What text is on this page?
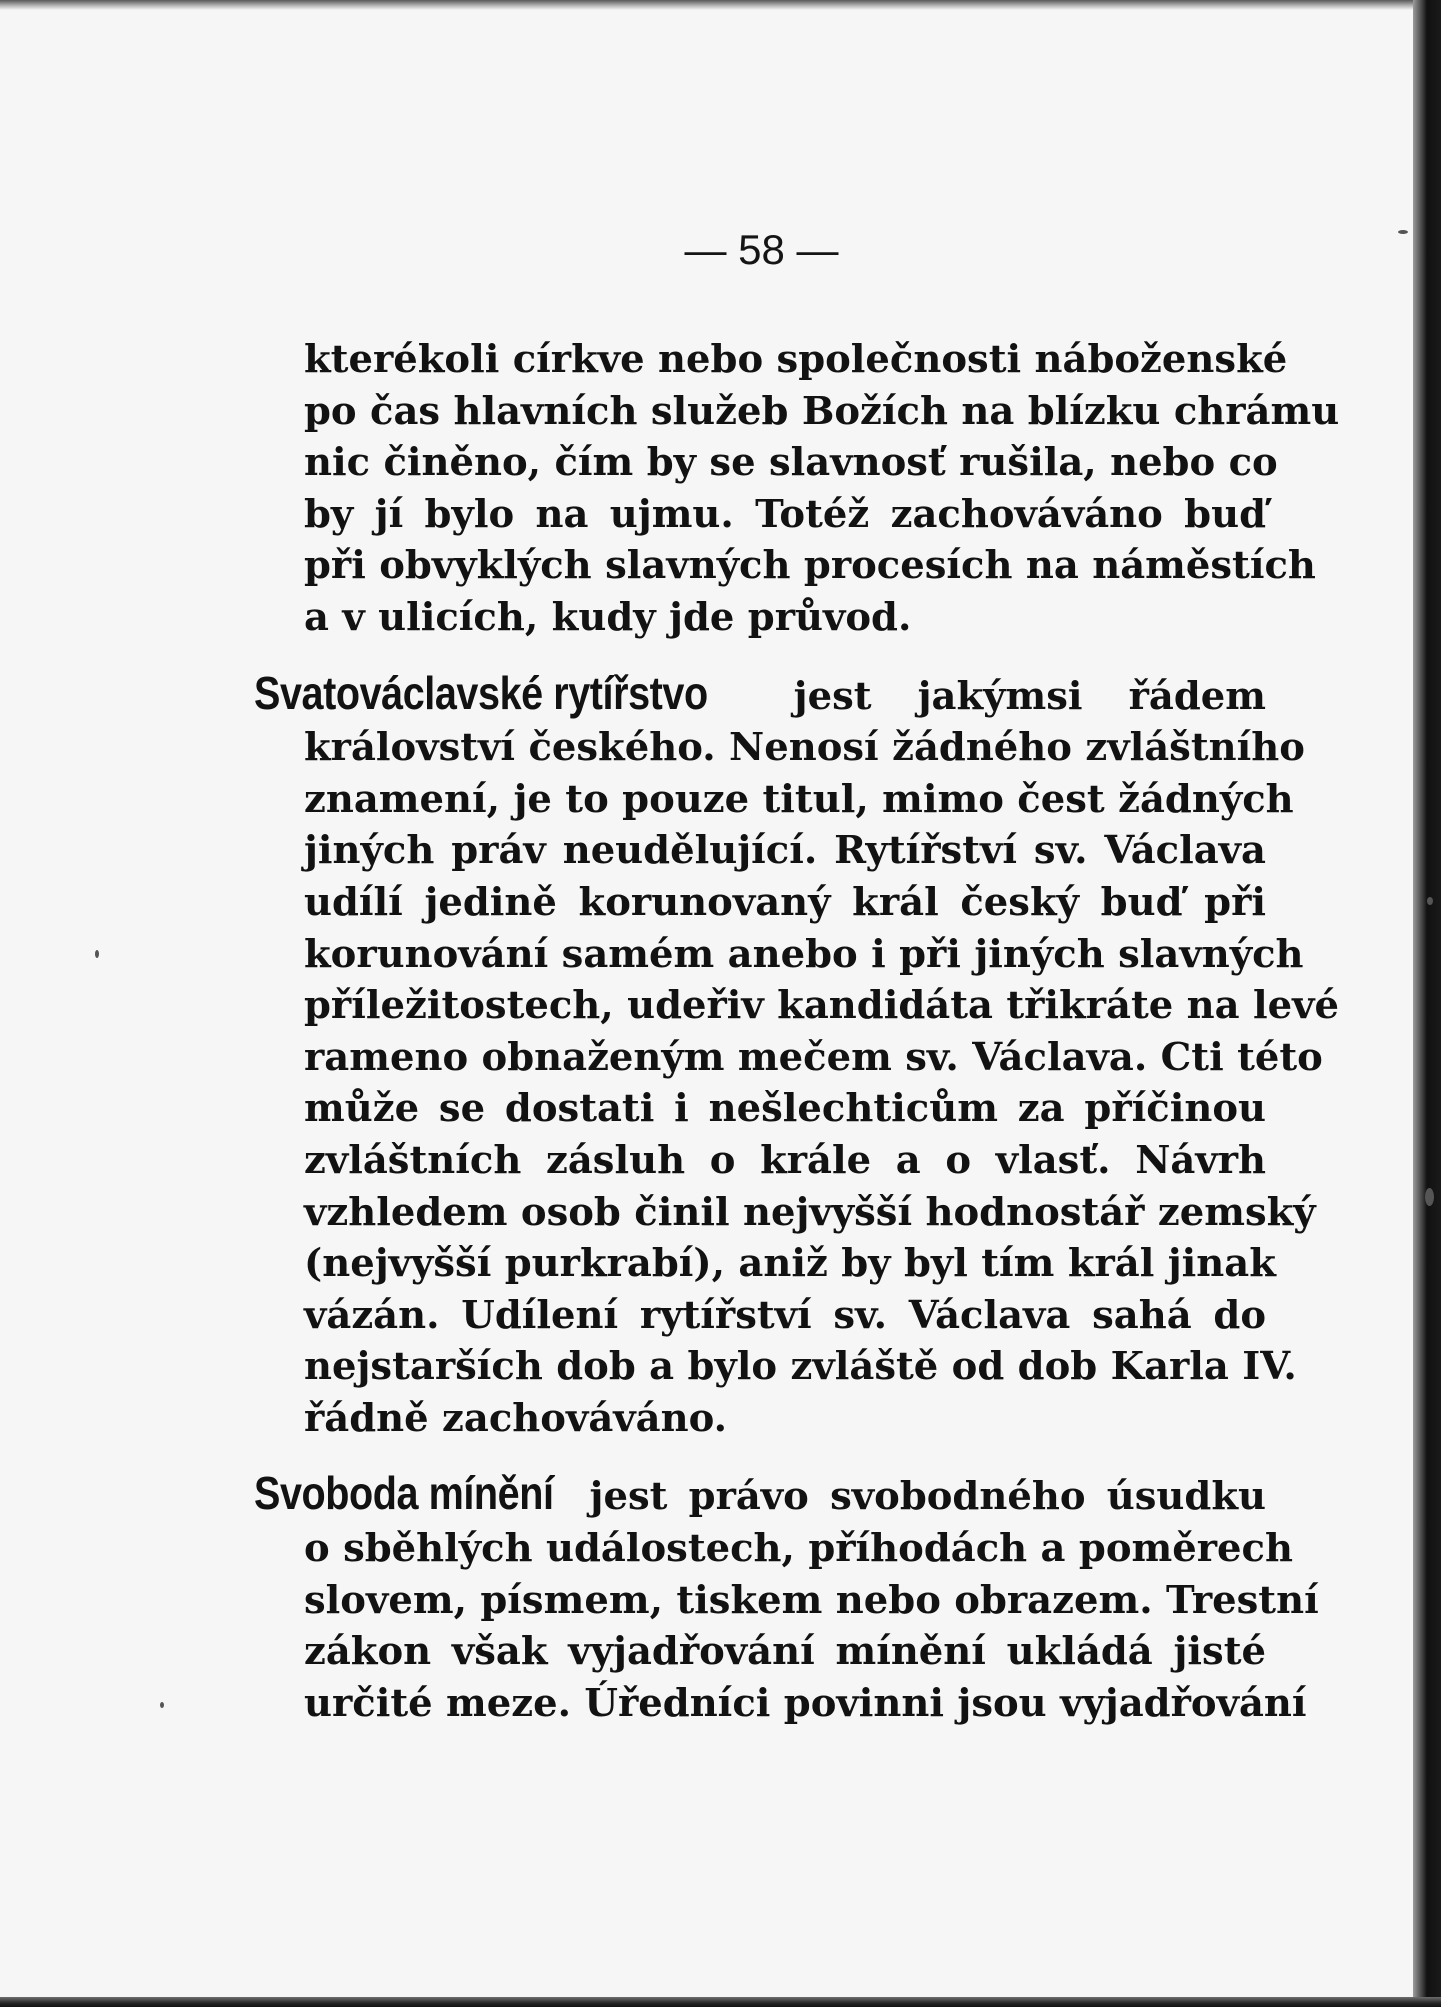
— 58 —

kterékoli církve nebo společnosti náboženské
po čas hlavních služeb Božích na blízku chrámu
nic činěno, čím by se slavnosť rušila, nebo co
by jí bylo na ujmu. Totéž zachováváno buď
při obvyklých slavných procesích na náměstích
a v ulicích, kudy jde průvod.

Svatováclavské rytířstvo jest jakýmsi řádem
království českého. Nenosí žádného zvláštního
znamení, je to pouze titul, mimo čest žádných
jiných práv neudělující. Rytířství sv. Václava
udílí jedině korunovaný král český buď při
korunování samém anebo i při jiných slavných
příležitostech, udeřiv kandidáta třikráte na levé
rameno obnaženým mečem sv. Václava. Cti této
může se dostati i nešlechticům za příčinou
zvláštních zásluh o krále a o vlasť. Návrh
vzhledem osob činil nejvyšší hodnostář zemský
(nejvyšší purkrabí), aniž by byl tím král jinak
vázán. Udílení rytířství sv. Václava sahá do
nejstarších dob a bylo zvláště od dob Karla IV.
řádně zachováváno.

Svoboda mínění jest právo svobodného úsudku
o sběhlých událostech, příhodách a poměrech
slovem, písmem, tiskem nebo obrazem. Trestní
zákon však vyjadřování mínění ukládá jisté
určité meze. Úředníci povinni jsou vyjadřování
